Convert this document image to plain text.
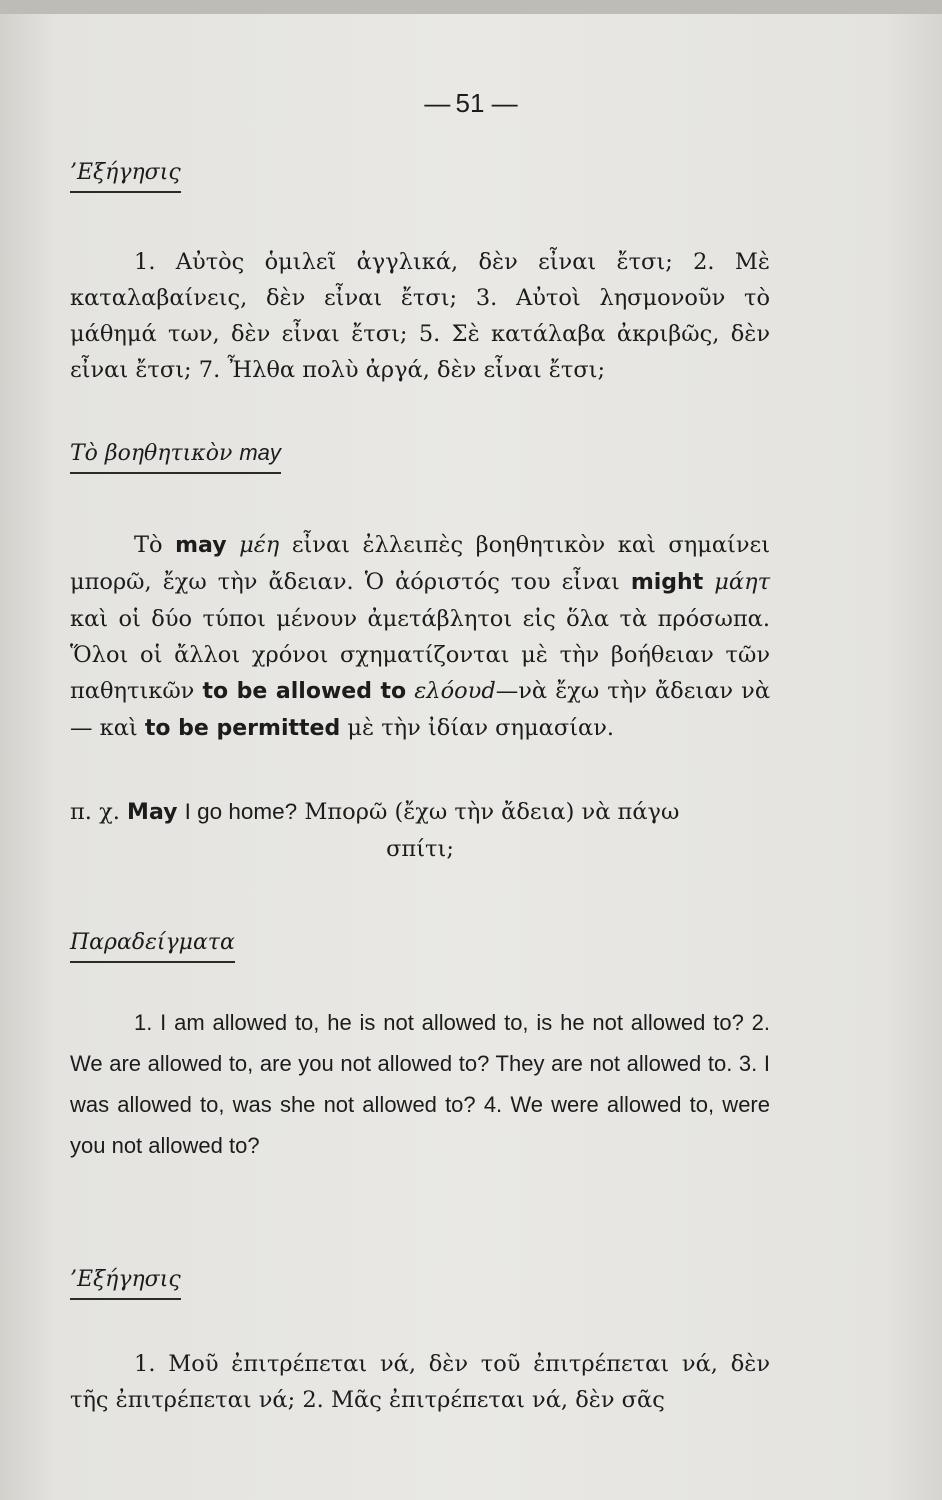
— 51 —
’Εξήγησις

1. Αὐτὸς ὁμιλεῖ ἀγγλικά, δὲν εἶναι ἔτσι; 2. Μὲ καταλαβαίνεις, δὲν εἶναι ἔτσι; 3. Αὐτοὶ λησμονοῦν τὸ μάθημά των, δὲν εἶναι ἔτσι; 5. Σὲ κατάλαβα ἀκριβῶς, δὲν εἶναι ἔτσι; 7. Ἦλθα πολὺ ἀργά, δὲν εἶναι ἔτσι;

Τὸ βοηθητικὸν may

Τὸ may μέη εἶναι ἐλλειπὲς βοηθητικὸν καὶ σημαίνει μπορῶ, ἔχω τὴν ἄδειαν. Ὁ ἀόριστός του εἶναι might μάητ καὶ οἱ δύο τύποι μένουν ἀμετάβλητοι εἰς ὅλα τὰ πρόσωπα. Ὅλοι οἱ ἄλλοι χρόνοι σχηματίζονται μὲ τὴν βοήθειαν τῶν παθητικῶν to be allowed to ελόουd—νὰ ἔχω τὴν ἄδειαν νὰ — καὶ to be permitted μὲ τὴν ἰδίαν σημασίαν.

π. χ. May I go home? Μπορῶ (ἔχω τὴν ἄδεια) νὰ πάγω

σπίτι;

Παραδείγματα

1. I am allowed to, he is not allowed to, is he not allowed to? 2. We are allowed to, are you not allowed to? They are not allowed to. 3. I was allowed to, was she not allowed to? 4. We were allowed to, were you not allowed to?

’Εξήγησις

1. Μοῦ ἐπιτρέπεται νά, δὲν τοῦ ἐπιτρέπεται νά, δὲν τῆς ἐπιτρέπεται νά; 2. Μᾶς ἐπιτρέπεται νά, δὲν σᾶς
